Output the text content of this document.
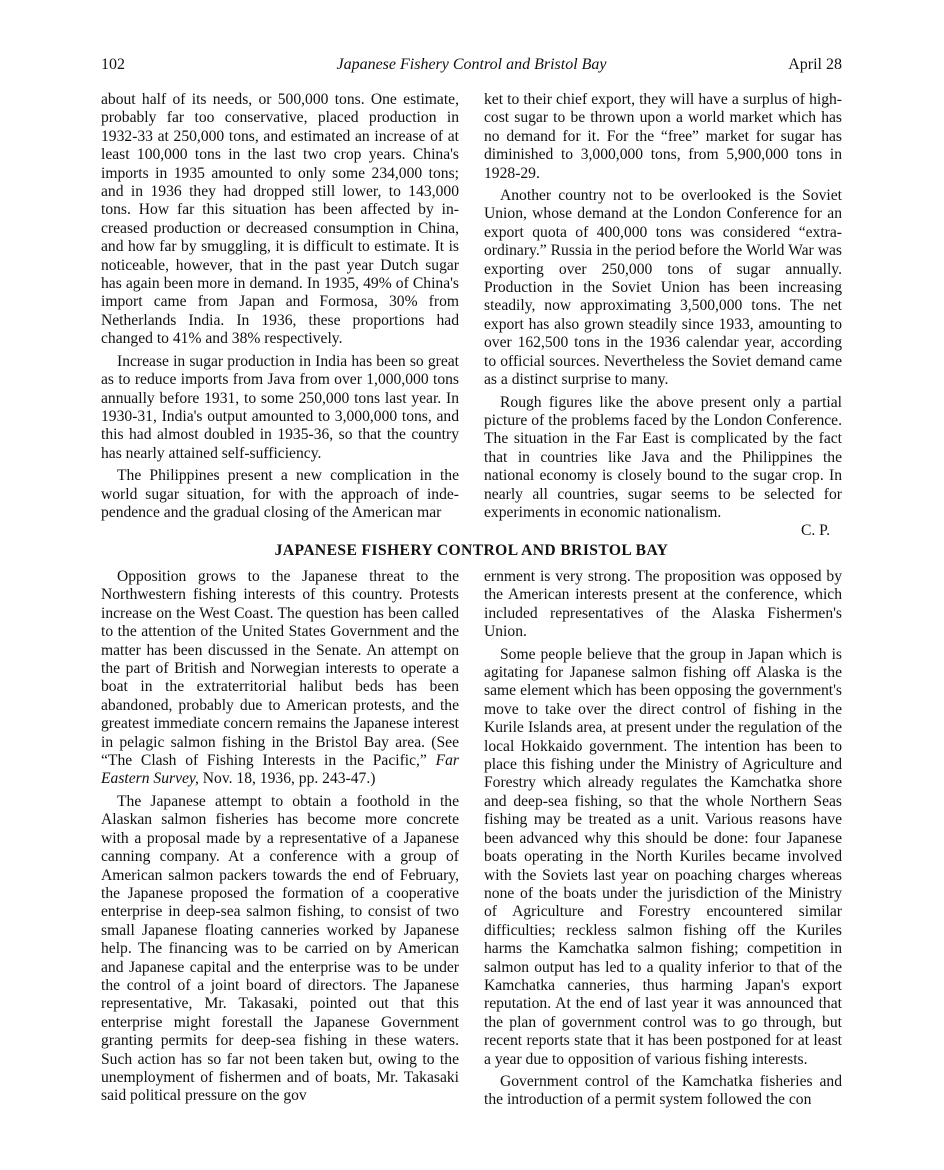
102	Japanese Fishery Control and Bristol Bay	April 28

about half of its needs, or 500,000 tons. One estimate, probably far too conservative, placed production in 1932-33 at 250,000 tons, and estimated an increase of at least 100,000 tons in the last two crop years. China's imports in 1935 amounted to only some 234,000 tons; and in 1936 they had dropped still lower, to 143,000 tons. How far this situation has been affected by increased production or decreased consumption in China, and how far by smuggling, it is difficult to estimate. It is noticeable, however, that in the past year Dutch sugar has again been more in demand. In 1935, 49% of China's import came from Japan and Formosa, 30% from Netherlands India. In 1936, these proportions had changed to 41% and 38% respectively.

Increase in sugar production in India has been so great as to reduce imports from Java from over 1,000,000 tons annually before 1931, to some 250,000 tons last year. In 1930-31, India's output amounted to 3,000,000 tons, and this had almost doubled in 1935-36, so that the country has nearly attained self-sufficiency.

The Philippines present a new complication in the world sugar situation, for with the approach of independence and the gradual closing of the American mar

ket to their chief export, they will have a surplus of high-cost sugar to be thrown upon a world market which has no demand for it. For the “free” market for sugar has diminished to 3,000,000 tons, from 5,900,000 tons in 1928-29.

Another country not to be overlooked is the Soviet Union, whose demand at the London Conference for an export quota of 400,000 tons was considered “extraordinary.” Russia in the period before the World War was exporting over 250,000 tons of sugar annually. Production in the Soviet Union has been increasing steadily, now approximating 3,500,000 tons. The net export has also grown steadily since 1933, amounting to over 162,500 tons in the 1936 calendar year, according to official sources. Nevertheless the Soviet demand came as a distinct surprise to many.

Rough figures like the above present only a partial picture of the problems faced by the London Conference. The situation in the Far East is complicated by the fact that in countries like Java and the Philippines the national economy is closely bound to the sugar crop. In nearly all countries, sugar seems to be selected for experiments in economic nationalism.

C. P.

JAPANESE FISHERY CONTROL AND BRISTOL BAY

Opposition grows to the Japanese threat to the Northwestern fishing interests of this country. Protests increase on the West Coast. The question has been called to the attention of the United States Government and the matter has been discussed in the Senate. An attempt on the part of British and Norwegian interests to operate a boat in the extraterritorial halibut beds has been abandoned, probably due to American protests, and the greatest immediate concern remains the Japanese interest in pelagic salmon fishing in the Bristol Bay area. (See “The Clash of Fishing Interests in the Pacific,” Far Eastern Survey, Nov. 18, 1936, pp. 243-47.)

The Japanese attempt to obtain a foothold in the Alaskan salmon fisheries has become more concrete with a proposal made by a representative of a Japanese canning company. At a conference with a group of American salmon packers towards the end of February, the Japanese proposed the formation of a cooperative enterprise in deep-sea salmon fishing, to consist of two small Japanese floating canneries worked by Japanese help. The financing was to be carried on by American and Japanese capital and the enterprise was to be under the control of a joint board of directors. The Japanese representative, Mr. Takasaki, pointed out that this enterprise might forestall the Japanese Government granting permits for deep-sea fishing in these waters. Such action has so far not been taken but, owing to the unemployment of fishermen and of boats, Mr. Takasaki said political pressure on the gov

ernment is very strong. The proposition was opposed by the American interests present at the conference, which included representatives of the Alaska Fishermen's Union.

Some people believe that the group in Japan which is agitating for Japanese salmon fishing off Alaska is the same element which has been opposing the government's move to take over the direct control of fishing in the Kurile Islands area, at present under the regulation of the local Hokkaido government. The intention has been to place this fishing under the Ministry of Agriculture and Forestry which already regulates the Kamchatka shore and deep-sea fishing, so that the whole Northern Seas fishing may be treated as a unit. Various reasons have been advanced why this should be done: four Japanese boats operating in the North Kuriles became involved with the Soviets last year on poaching charges whereas none of the boats under the jurisdiction of the Ministry of Agriculture and Forestry encountered similar difficulties; reckless salmon fishing off the Kuriles harms the Kamchatka salmon fishing; competition in salmon output has led to a quality inferior to that of the Kamchatka canneries, thus harming Japan's export reputation. At the end of last year it was announced that the plan of government control was to go through, but recent reports state that it has been postponed for at least a year due to opposition of various fishing interests.

Government control of the Kamchatka fisheries and the introduction of a permit system followed the con
